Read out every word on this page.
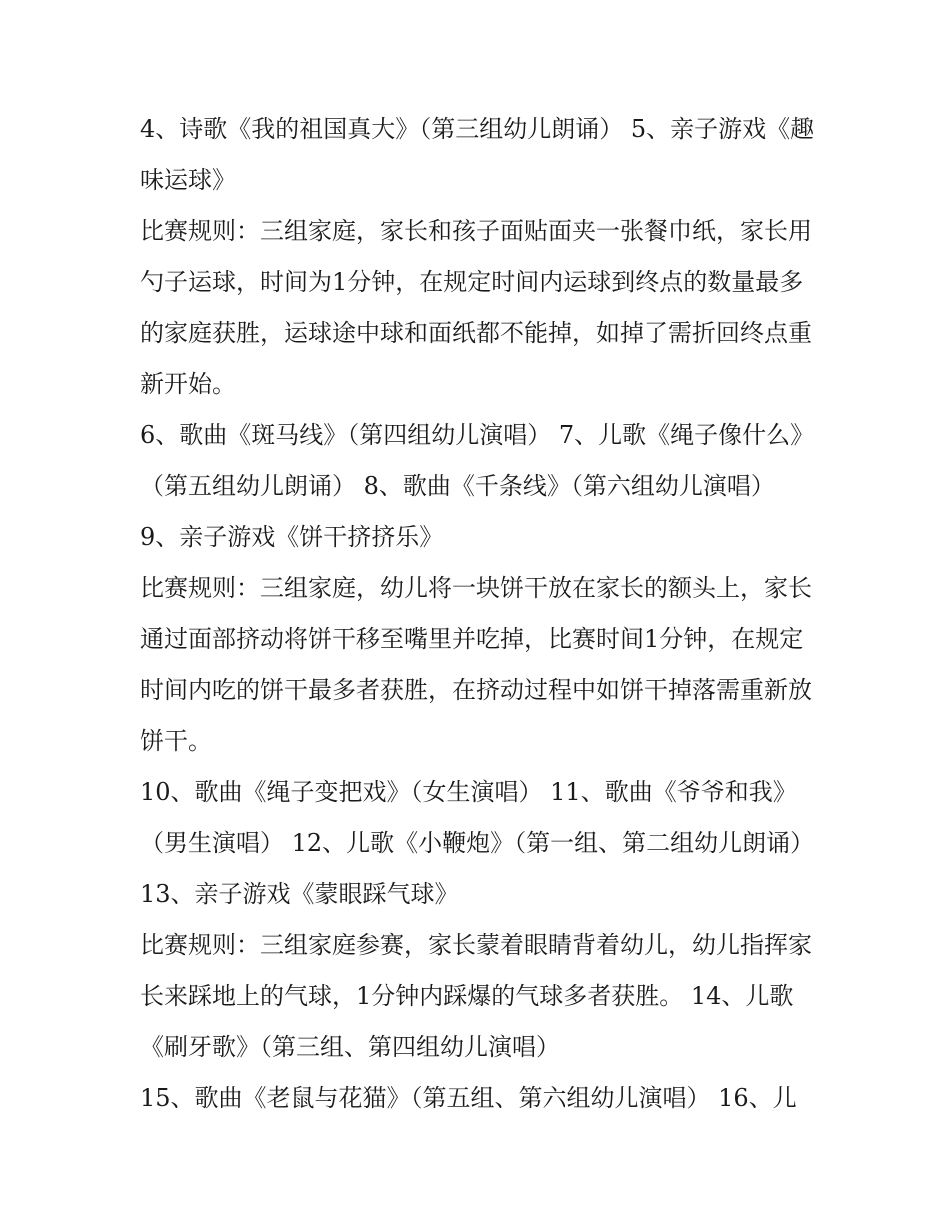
4、诗歌《我的祖国真大》（第三组幼儿朗诵） 5、亲子游戏《趣味运球》

比赛规则：三组家庭，家长和孩子面贴面夹一张餐巾纸，家长用勺子运球，时间为1分钟，在规定时间内运球到终点的数量最多的家庭获胜，运球途中球和面纸都不能掉，如掉了需折回终点重新开始。

6、歌曲《斑马线》（第四组幼儿演唱） 7、儿歌《绳子像什么》（第五组幼儿朗诵） 8、歌曲《千条线》（第六组幼儿演唱） 9、亲子游戏《饼干挤挤乐》

比赛规则：三组家庭，幼儿将一块饼干放在家长的额头上，家长通过面部挤动将饼干移至嘴里并吃掉，比赛时间1分钟，在规定时间内吃的饼干最多者获胜，在挤动过程中如饼干掉落需重新放饼干。

10、歌曲《绳子变把戏》（女生演唱） 11、歌曲《爷爷和我》（男生演唱） 12、儿歌《小鞭炮》（第一组、第二组幼儿朗诵） 13、亲子游戏《蒙眼踩气球》

比赛规则：三组家庭参赛，家长蒙着眼睛背着幼儿，幼儿指挥家长来踩地上的气球，1分钟内踩爆的气球多者获胜。 14、儿歌《刷牙歌》（第三组、第四组幼儿演唱）

15、歌曲《老鼠与花猫》（第五组、第六组幼儿演唱） 16、儿
